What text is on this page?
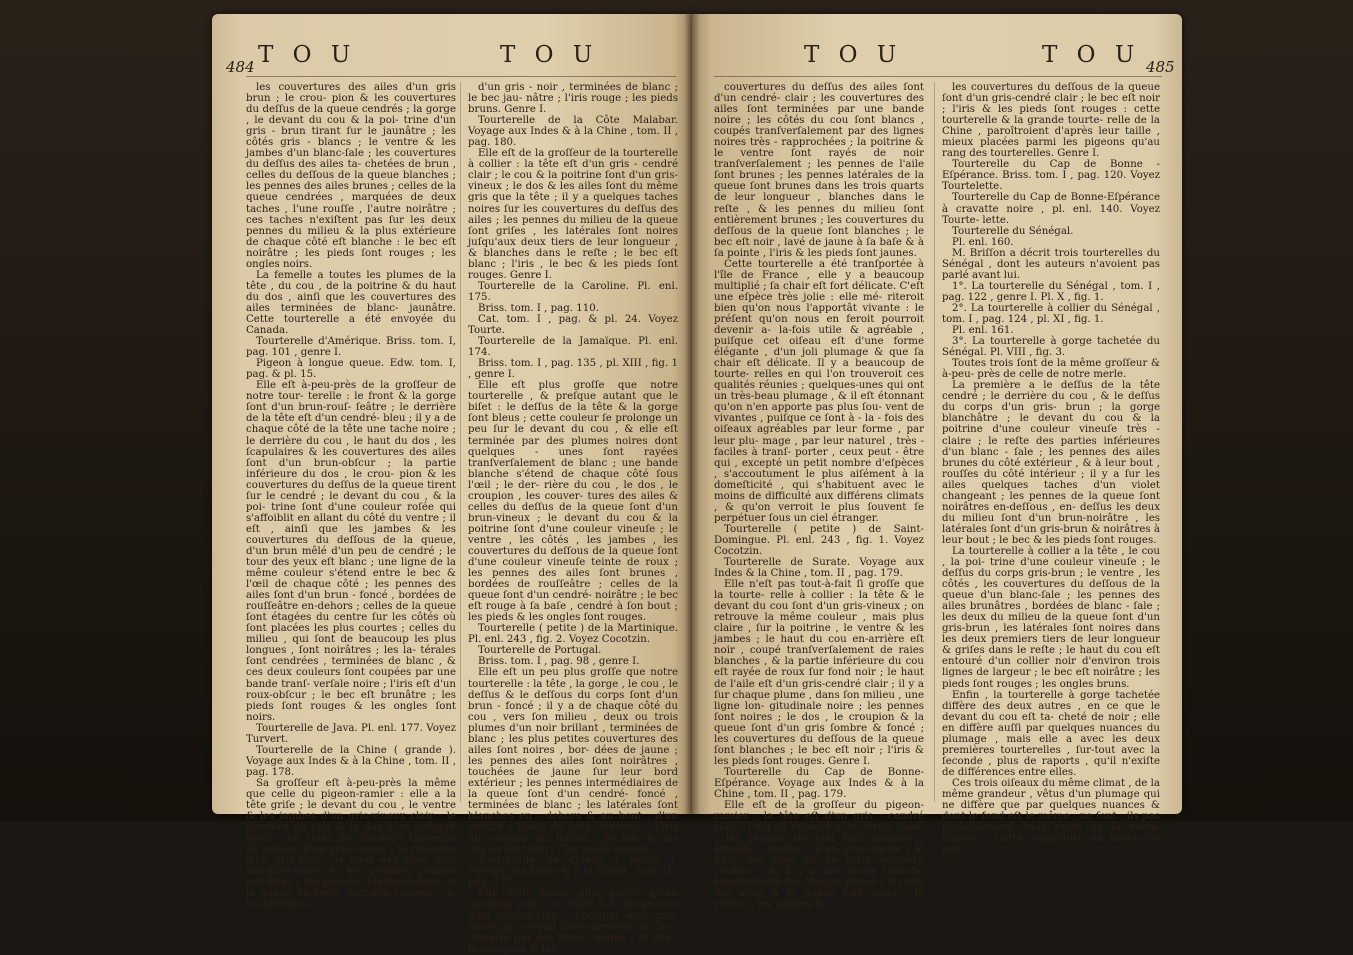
484 T O U	T O U

les couvertures des ailes d'un gris brun ; le crou- pion & les couvertures du deſſus de la queue cendrés ; la gorge , le devant du cou & la poi- trine d'un gris - brun tirant ſur le jaunâtre ; les côtés gris - blancs ; le ventre & les jambes d'un blanc-ſale ; les couvertures du deſſus des ailes ta- chetées de brun , celles du deſſous de la queue blanches ; les pennes des ailes brunes ; celles de la queue cendrées , marquées de deux taches , l'une rouſſe , l'autre noirâtre ; ces taches n'exiſtent pas ſur les deux pennes du milieu & la plus extérieure de chaque côté eſt blanche : le bec eſt noirâtre ; les pieds ſont rouges ; les ongles noirs.

La femelle a toutes les plumes de la tête , du cou , de la poitrine & du haut du dos , ainſi que les couvertures des ailes terminées de blanc- jaunâtre. Cette tourterelle a été envoyée du Canada.

Tourterelle d'Amérique. Briss. tom. I, pag. 101 , genre I.

Pigeon à longue queue. Edw. tom. I, pag. & pl. 15.

Elle eſt à-peu-près de la groſſeur de notre tour- terelle : le front & la gorge ſont d'un brun-rouſ- ſeâtre ; le derrière de la tête eſt d'un cendré- bleu ; il y a de chaque côté de la tête une tache noire ; le derrière du cou , le haut du dos , les ſcapulaires & les couvertures des ailes ſont d'un brun-obſcur ; la partie inférieure du dos , le crou- pion & les couvertures du deſſus de la queue tirent ſur le cendré ; le devant du cou , & la poi- trine ſont d'une couleur roſée qui s'affoiblit en allant du côté du ventre ; il eſt , ainſi que les jambes & les couvertures du deſſous de la queue, d'un brun mêlé d'un peu de cendré ; le tour des yeux eſt blanc ; une ligne de la même couleur s'étend entre le bec & l'œil de chaque côté ; les pennes des ailes ſont d'un brun - foncé , bordées de rouſſeâtre en-dehors ; celles de la queue ſont étagées du centre ſur les côtés où ſont placées les plus courtes ; celles du milieu , qui ſont de beaucoup les plus longues , ſont noirâtres ; les la- térales ſont cendrées , terminées de blanc , & ces deux couleurs ſont coupées par une bande tranſ- verſale noire ; l'iris eſt d'un roux-obſcur ; le bec eſt brunâtre ; les pieds ſont rouges & les ongles ſont noirs.

Tourterelle de Java. Pl. enl. 177. Voyez Turvert.

Tourterelle de la Chine ( grande ). Voyage aux Indes & à la Chine , tom. II , pag. 178.

Sa groſſeur eſt à-peu-près la même que celle du pigeon-ramier : elle a la tête griſe ; le devant du cou , le ventre & les jambes d'un gris-vineux clair ; le derrière du cou & le dos d'un pourpre foncé ; les côtés du cou noirs traverſés de bandes d'un gris-vineux ; le croupion d'un gris-lilas ; le haut des ailes d'un mordoré-foncé & les grandes pennes noirâtres ; les pennes intermédiaires de la queue de cette dernière couleur , & les latérales

d'un gris - noir , terminées de blanc ; le bec jau- nâtre ; l'iris rouge ; les pieds bruns. Genre I.

Tourterelle de la Côte Malabar. Voyage aux Indes & à la Chine , tom. II , pag. 180.

Elle eſt de la groſſeur de la tourterelle à collier : la tête eſt d'un gris - cendré clair ; le cou & la poitrine ſont d'un gris-vineux ; le dos & les ailes ſont du même gris que la tête ; il y a quelques taches noires ſur les couvertures du deſſus des ailes ; les pennes du milieu de la queue ſont griſes , les latérales ſont noires juſqu'aux deux tiers de leur longueur , & blanches dans le reſte ; le bec eſt blanc ; l'iris , le bec & les pieds ſont rouges. Genre I.

Tourterelle de la Caroline. Pl. enl. 175.

Briss. tom. I , pag. 110.

Cat. tom. I , pag. & pl. 24. Voyez Tourte.

Tourterelle de la Jamaïque. Pl. enl. 174.

Briss. tom. I , pag. 135 , pl. XIII , fig. 1 , genre I.

Elle eſt plus groſſe que notre tourterelle , & preſque autant que le biſet : le deſſus de la tête & la gorge ſont bleus ; cette couleur ſe prolonge un peu ſur le devant du cou , & elle eſt terminée par des plumes noires dont quelques - unes ſont rayées tranſverſalement de blanc ; une bande blanche s'étend de chaque côté ſous l'œil ; le der- rière du cou , le dos , le croupion , les couver- tures des ailes & celles du deſſus de la queue ſont d'un brun-vineux ; le devant du cou & la poitrine ſont d'une couleur vineuſe ; le ventre , les côtés , les jambes , les couvertures du deſſous de la queue ſont d'une couleur vineuſe teinte de roux ; les pennes des ailes ſont brunes , bordées de rouſſeâtre ; celles de la queue ſont d'un cendré- noirâtre ; le bec eſt rouge à ſa baſe , cendré à ſon bout ; les pieds & les ongles ſont rouges.

Tourterelle ( petite ) de la Martinique. Pl. enl. 243 , fig. 2. Voyez Cocotzin.

Tourterelle de Portugal.

Briss. tom. I , pag. 98 , genre I.

Elle eſt un peu plus groſſe que notre tourterelle : la tête , la gorge , le cou , le deſſus & le deſſous du corps ſont d'un brun - foncé ; il y a de chaque côté du cou , vers ſon milieu , deux ou trois plumes d'un noir brillant , terminées de blanc ; les plus petites couvertures des ailes ſont noires , bor- dées de jaune ; les pennes des ailes ſont noirâtres , touchées de jaune ſur leur bord extérieur ; les pennes intermédiaires de la queue ſont d'un cendré- foncé , terminées de blanc ; les latérales ſont blanches en - dehors & au bout , d'un cendré - foncé du côté intérieur ; l'iris eſt couleur de ſafran ; le bec & les ongles ſont noirs ; les pieds rouges.

Tourterelle de Quéda ( petite ). Voyage aux Indes & à la Chine , tom. II , pag. 177.

Elle n'eſt guère plus groſſe qu'un moineau-franc : le front & la gorge ſont d'un cendré-clair ; l'occiput d'un gris-foncé qui s'étend ſur le derrière du cou , traverſé par des lignes noires ; le dos , le croupion & les

T O U	T O U 485

couvertures du deſſus des ailes ſont d'un cendré- clair ; les couvertures des ailes ſont terminées par une bande noire ; les côtés du cou ſont blancs , coupés tranſverſalement par des lignes noires très - rapprochées ; la poitrine & le ventre ſont rayés de noir tranſverſalement ; les pennes de l'aile ſont brunes ; les pennes latérales de la queue ſont brunes dans les trois quarts de leur longueur , blanches dans le reſte , & les pennes du milieu ſont entièrement brunes ; les couvertures du deſſous de la queue ſont blanches ; le bec eſt noir , lavé de jaune à ſa baſe & à ſa pointe , l'iris & les pieds ſont jaunes.

Cette tourterelle a été tranſportée à l'île de France , elle y a beaucoup multiplié ; ſa chair eſt fort délicate. C'eſt une eſpèce très jolie : elle mé- riteroit bien qu'on nous l'apportât vivante : le préſent qu'on nous en feroit pourroit devenir a- la-fois utile & agréable , puiſque cet oiſeau eſt d'une forme élégante , d'un joli plumage & que ſa chair eſt délicate. Il y a beaucoup de tourte- relles en qui l'on trouveroit ces qualités réunies ; quelques-unes qui ont un très-beau plumage , & il eſt étonnant qu'on n'en apporte pas plus ſou- vent de vivantes , puiſque ce ſont à - la - fois des oiſeaux agréables par leur forme , par leur plu- mage , par leur naturel , très - faciles à tranſ- porter , ceux peut - être qui , excepté un petit nombre d'eſpèces , s'accoutument le plus aiſément à la domeſticité , qui s'habituent avec le moins de difficulté aux différens climats , & qu'on verroit le plus ſouvent ſe perpétuer ſous un ciel étranger.

Tourterelle ( petite ) de Saint-Domingue. Pl. enl. 243 , fig. 1. Voyez Cocotzin.

Tourterelle de Surate. Voyage aux Indes & la Chine , tom. II , pag. 179.

Elle n'eſt pas tout-à-fait ſi groſſe que la tourte- relle à collier : la tête & le devant du cou ſont d'un gris-vineux ; on retrouve la même couleur , mais plus claire , ſur la poitrine , le ventre & les jambes ; le haut du cou en-arrière eſt noir , coupé tranſverſalement de raies blanches , & la partie inférieure du cou eſt rayée de roux ſur fond noir ; le haut de l'aile eſt d'un gris-cendré clair ; il y a ſur chaque plume , dans ſon milieu , une ligne lon- gitudinale noire ; les pennes ſont noires ; le dos , le croupion & la queue ſont d'un gris ſombre & foncé ; les couvertures du deſſous de la queue ſont blanches ; le bec eſt noir ; l'iris & les pieds ſont rouges. Genre I.

Tourterelle du Cap de Bonne-Eſpérance. Voyage aux Indes & à la Chine , tom. II , pag. 179.

Elle eſt de la groſſeur du pigeon-ramier : la tête eſt d'un gris - cendré clair ; l'œil eſt entouré d'un cercle blanc ; les plumes du cou ſont longues , étroites , molles , d'un gris-vineux ; le haut des ailes eſt de cette dernière couleur , & il y a une tache blanche longitudinale ſur chaque plume ; le reſte des ailes & la queue ſont noirs ; le ventre , les jambes &

les couvertures du deſſous de la queue ſont d'un gris-cendré clair ; le bec eſt noir ; l'iris & les pieds ſont rouges : cette tourterelle & la grande tourte- relle de la Chine , paroîtroient d'après leur taille , mieux placées parmi les pigeons qu'au rang des tourterelles. Genre I.

Tourterelle du Cap de Bonne - Eſpérance. Briss. tom. I , pag. 120. Voyez Tourtelette.

Tourterelle du Cap de Bonne-Eſpérance à cravatte noire , pl. enl. 140. Voyez Tourte- lette.

Tourterelle du Sénégal.

Pl. enl. 160.

M. Briſſon a décrit trois tourterelles du Sénégal , dont les auteurs n'avoient pas parlé avant lui.

1°. La tourterelle du Sénégal , tom. I , pag. 122 , genre I. Pl. X , fig. 1.

2°. La tourterelle à collier du Sénégal , tom. I , pag. 124 , pl. XI , fig. 1.

Pl. enl. 161.

3°. La tourterelle à gorge tachetée du Sénégal. Pl. VIII , fig. 3.

Toutes trois ſont de la même groſſeur & à-peu- près de celle de notre merle.

La première a le deſſus de la tête cendré ; le derrière du cou , & le deſſus du corps d'un gris- brun ; la gorge blanchâtre ; le devant du cou & la poitrine d'une couleur vineuſe très - claire ; le reſte des parties inférieures d'un blanc - ſale ; les pennes des ailes brunes du côté extérieur , & à leur bout , rouſſes du côté intérieur ; il y a ſur les ailes quelques taches d'un violet changeant ; les pennes de la queue ſont noirâtres en-deſſous , en- deſſus les deux du milieu ſont d'un brun-noirâtre , les latérales ſont d'un gris-brun & noirâtres à leur bout ; le bec & les pieds ſont rouges.

La tourterelle à collier a la tête , le cou , la poi- trine d'une couleur vineuſe ; le deſſus du corps gris-brun ; le ventre , les côtés , les couvertures du deſſous de la queue d'un blanc-ſale ; les pennes des ailes brunâtres , bordées de blanc - ſale ; les deux du milieu de la queue ſont d'un gris-brun , les latérales ſont noires dans les deux premiers tiers de leur longueur & griſes dans le reſte ; le haut du cou eſt entouré d'un collier noir d'environ trois lignes de largeur ; le bec eſt noirâtre ; les pieds ſont rouges ; les ongles bruns.

Enfin , la tourterelle à gorge tachetée diffère des deux autres , en ce que le devant du cou eſt ta- cheté de noir ; elle en diffère auſſi par quelques nuances du plumage , mais elle a avec les deux premières tourterelles , ſur-tout avec la ſeconde , plus de raports , qu'il n'exiſte de différences entre elles.

Ces trois oiſeaux du même climat , de la même grandeur , vêtus d'un plumage qui ne diffère que par quelques nuances & dont le fond eſt le même , ne ſont - ils pas probablement trois races de la même eſpèce ? Cette conjecture ne ſera-t-elle pas
